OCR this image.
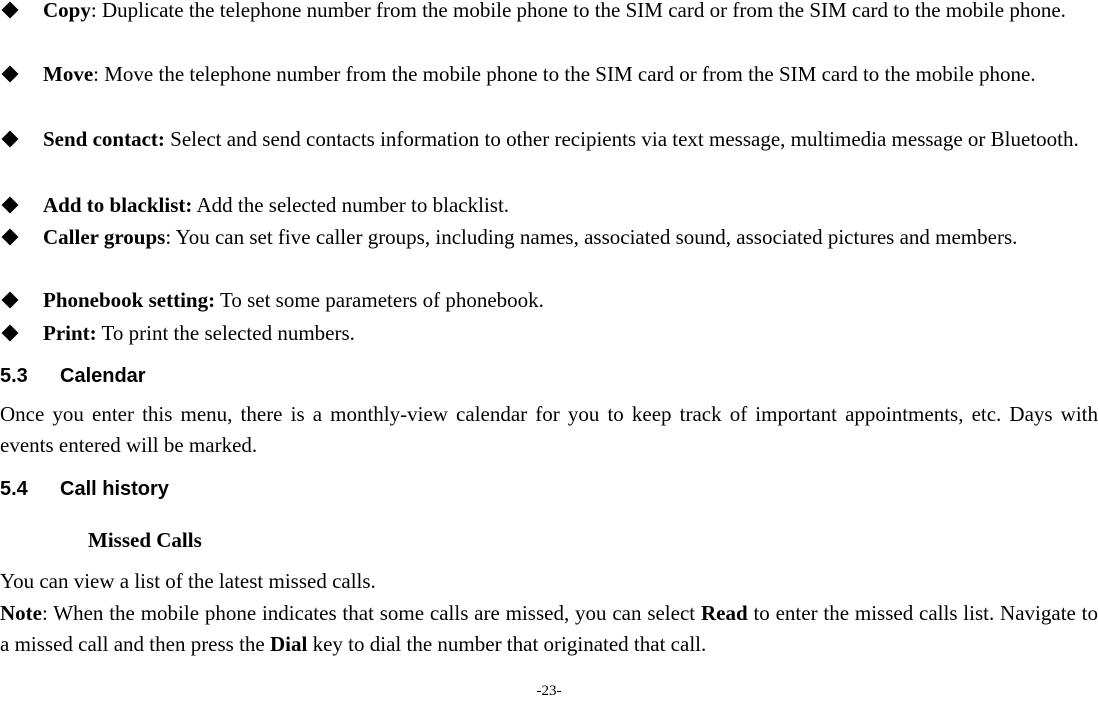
Copy: Duplicate the telephone number from the mobile phone to the SIM card or from the SIM card to the mobile phone.
Move: Move the telephone number from the mobile phone to the SIM card or from the SIM card to the mobile phone.
Send contact: Select and send contacts information to other recipients via text message, multimedia message or Bluetooth.
Add to blacklist: Add the selected number to blacklist.
Caller groups: You can set five caller groups, including names, associated sound, associated pictures and members.
Phonebook setting: To set some parameters of phonebook.
Print: To print the selected numbers.
5.3 Calendar
Once you enter this menu, there is a monthly-view calendar for you to keep track of important appointments, etc. Days with events entered will be marked.
5.4 Call history
Missed Calls
You can view a list of the latest missed calls.
Note: When the mobile phone indicates that some calls are missed, you can select Read to enter the missed calls list. Navigate to a missed call and then press the Dial key to dial the number that originated that call.
-23-
